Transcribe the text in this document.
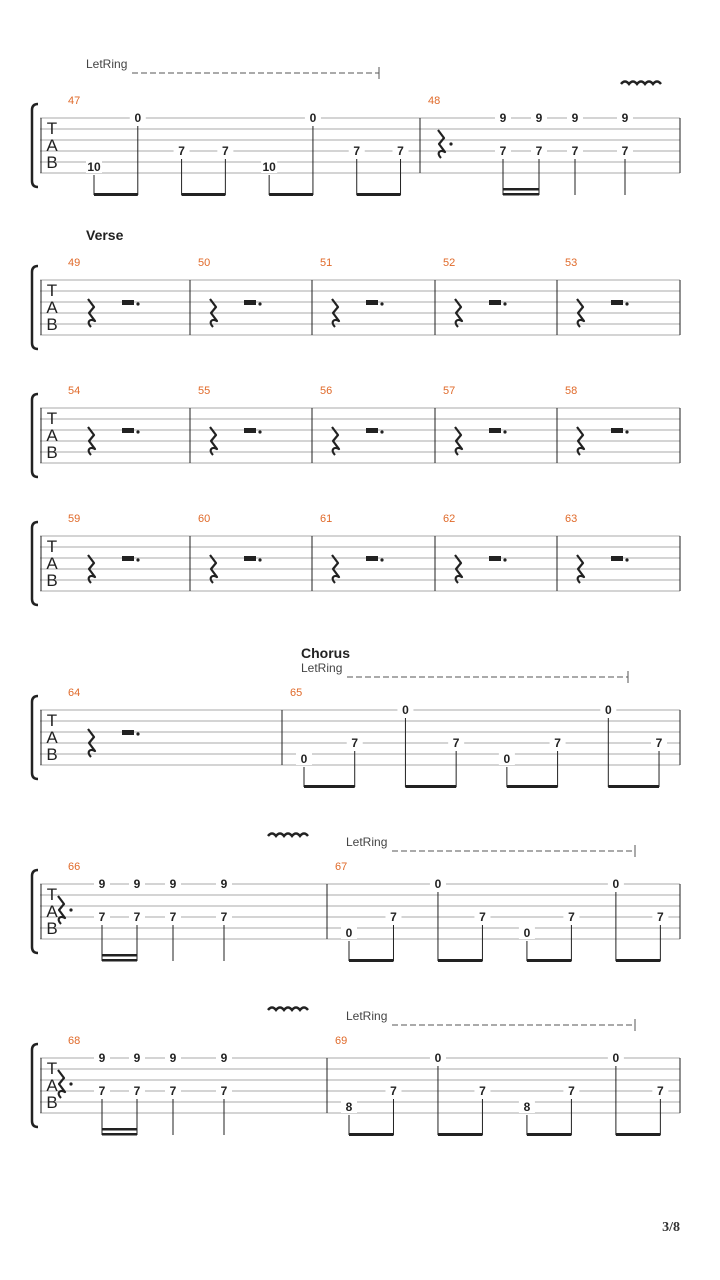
T
A
B
47
0	0
7	7	7	7
10	10
48
9 9 9	9
7 7 7	7
T
A
B
49	50	51	52	53
Verse
T
A
B
54	55	56	57	58
T
A
B
59	60	61	62	63
T
A
B
64	65
0	0
7	7	7	7
0	0
Chorus
T
A
B
66
9 9 9	9
7 7 7	7
67
0	0
7	7	7	7
0	0
T
A
B
68
9 9 9	9
7 7 7	7
69
0	0
7	7	7	7
8	8
LetRing
LetRing
LetRing
LetRing
3/8
